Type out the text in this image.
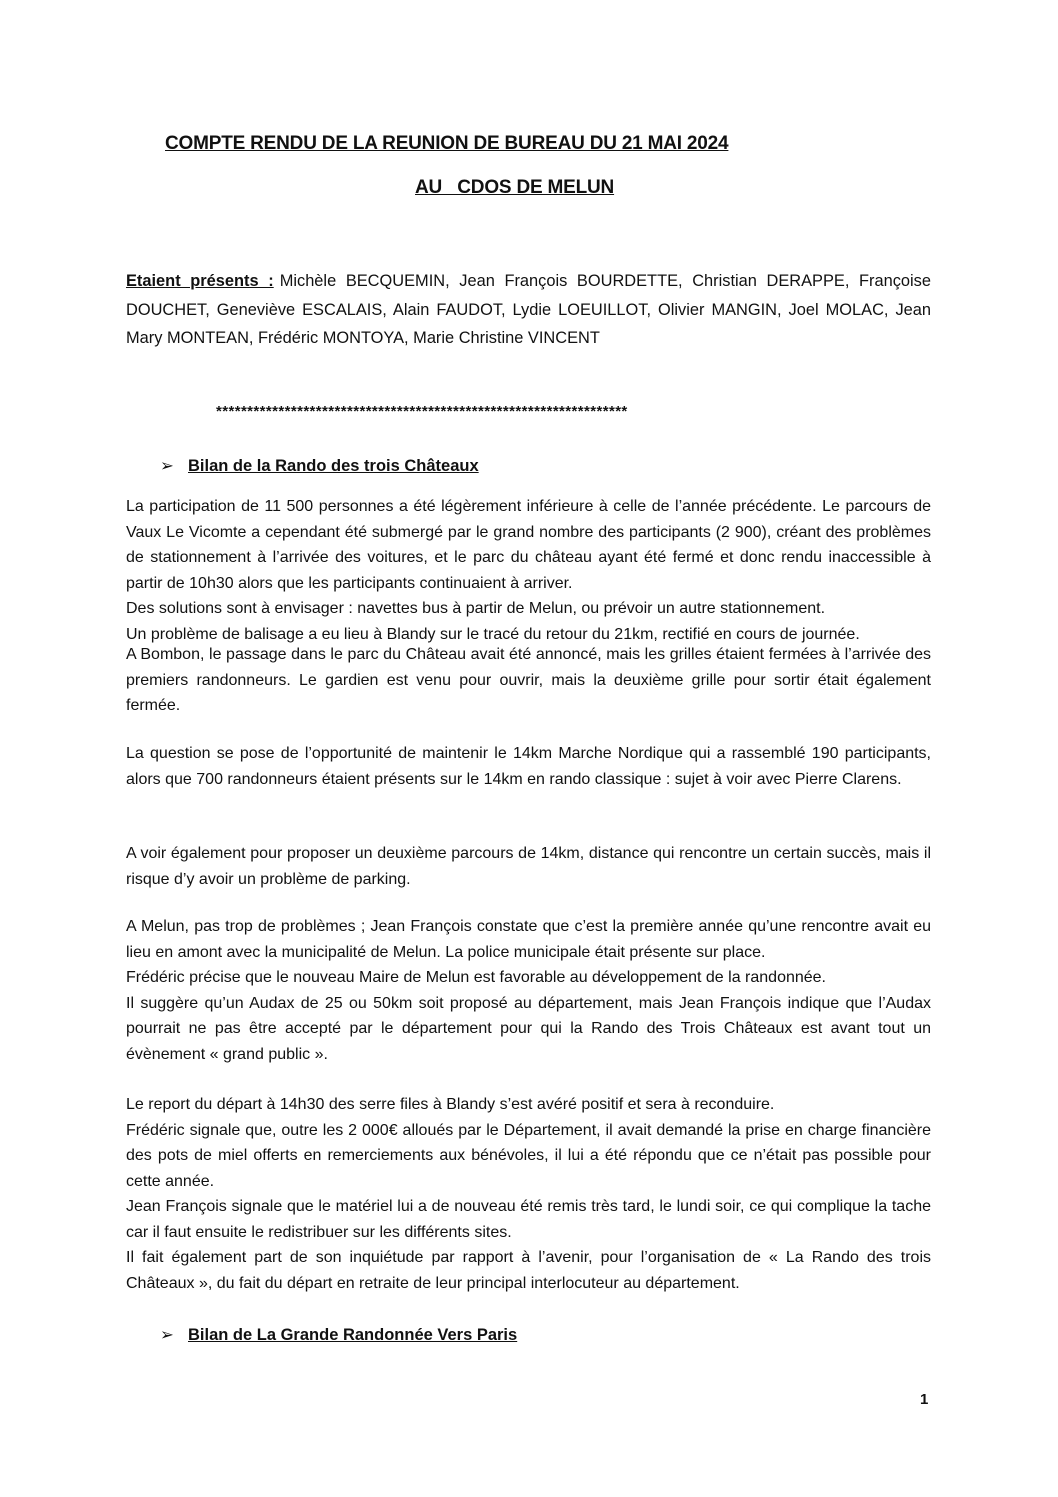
COMPTE RENDU DE LA REUNION DE BUREAU DU 21 MAI 2024
AU   CDOS DE MELUN
Etaient présents : Michèle BECQUEMIN, Jean François BOURDETTE, Christian DERAPPE, Françoise DOUCHET, Geneviève ESCALAIS, Alain FAUDOT, Lydie LOEUILLOT, Olivier MANGIN, Joel MOLAC, Jean Mary MONTEAN, Frédéric MONTOYA, Marie Christine VINCENT
******************************************************************
➢ Bilan de la Rando des trois Châteaux
La participation de 11 500 personnes a été légèrement inférieure à celle de l’année précédente. Le parcours de Vaux Le Vicomte a cependant été submergé par le grand nombre des participants (2 900), créant des problèmes de stationnement à l’arrivée des voitures, et le parc du château ayant été fermé et donc rendu inaccessible à partir de 10h30 alors que les participants continuaient à arriver.
Des solutions sont à envisager : navettes bus à partir de Melun, ou prévoir un autre stationnement.
Un problème de balisage a eu lieu à Blandy sur le tracé du retour du 21km, rectifié en cours de journée.
A Bombon, le passage dans le parc du Château avait été annoncé, mais les grilles étaient fermées à l’arrivée des premiers randonneurs. Le gardien est venu pour ouvrir, mais la deuxième grille pour sortir était également fermée.
La question se pose de l’opportunité de maintenir le 14km Marche Nordique qui a rassemblé 190 participants, alors que 700 randonneurs étaient présents sur le 14km en rando classique : sujet à voir avec Pierre Clarens.
A voir également pour proposer un deuxième parcours de 14km, distance qui rencontre un certain succès, mais il risque d’y avoir un problème de parking.
A Melun, pas trop de problèmes ; Jean François constate que c’est la première année qu’une rencontre avait eu lieu en amont avec la municipalité de Melun. La police municipale était présente sur place.
Frédéric précise que le nouveau Maire de Melun est favorable au développement de la randonnée.
Il suggère qu’un Audax de 25 ou 50km soit proposé au département, mais Jean François indique que l’Audax pourrait ne pas être accepté par le département pour qui la Rando des Trois Châteaux est avant tout un évènement « grand public ».
Le report du départ à 14h30 des serre files à Blandy s’est avéré positif et sera à reconduire.
Frédéric signale que, outre les 2 000€ alloués par le Département, il avait demandé la prise en charge financière des pots de miel offerts en remerciements aux bénévoles, il lui a été répondu que ce n’était pas possible pour cette année.
Jean François signale que le matériel lui a de nouveau été remis très tard, le lundi soir, ce qui complique la tache car il faut ensuite le redistribuer sur les différents sites.
Il fait également part de son inquiétude par rapport à l’avenir, pour l’organisation de « La Rando des trois Châteaux », du fait du départ en retraite de leur principal interlocuteur au département.
➢ Bilan de La Grande Randonnée Vers Paris
1
